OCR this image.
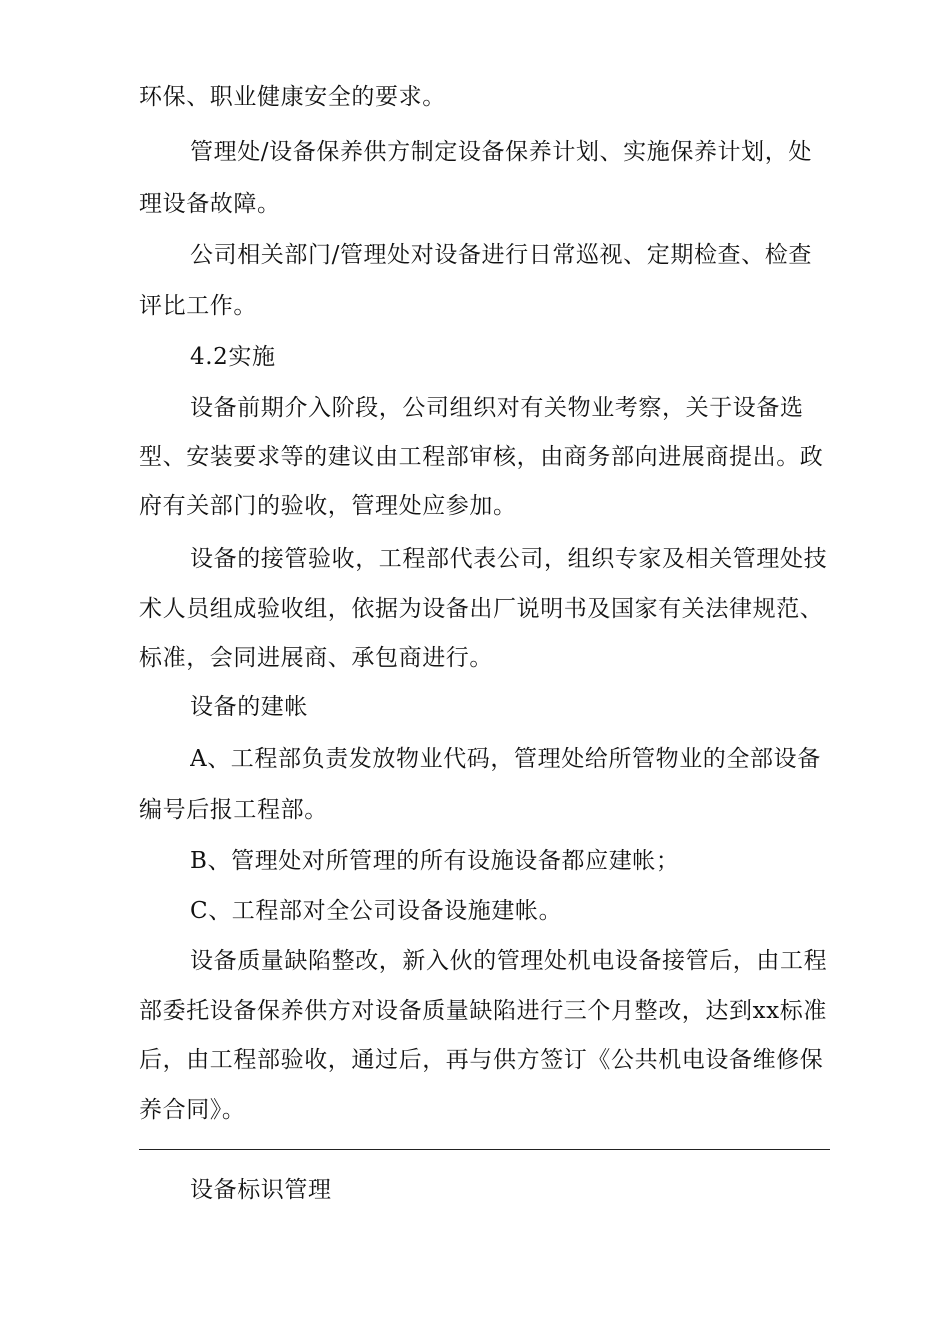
环保、职业健康安全的要求。
管理处/设备保养供方制定设备保养计划、实施保养计划，处
理设备故障。
公司相关部门/管理处对设备进行日常巡视、定期检查、检查
评比工作。
4.2实施
设备前期介入阶段，公司组织对有关物业考察，关于设备选
型、安装要求等的建议由工程部审核，由商务部向进展商提出。政
府有关部门的验收，管理处应参加。
设备的接管验收，工程部代表公司，组织专家及相关管理处技
术人员组成验收组，依据为设备出厂说明书及国家有关法律规范、
标准，会同进展商、承包商进行。
设备的建帐
A、工程部负责发放物业代码，管理处给所管物业的全部设备
编号后报工程部。
B、管理处对所管理的所有设施设备都应建帐；
C、工程部对全公司设备设施建帐。
设备质量缺陷整改，新入伙的管理处机电设备接管后，由工程
部委托设备保养供方对设备质量缺陷进行三个月整改，达到xx标准
后，由工程部验收，通过后，再与供方签订《公共机电设备维修保
养合同》。
设备标识管理
